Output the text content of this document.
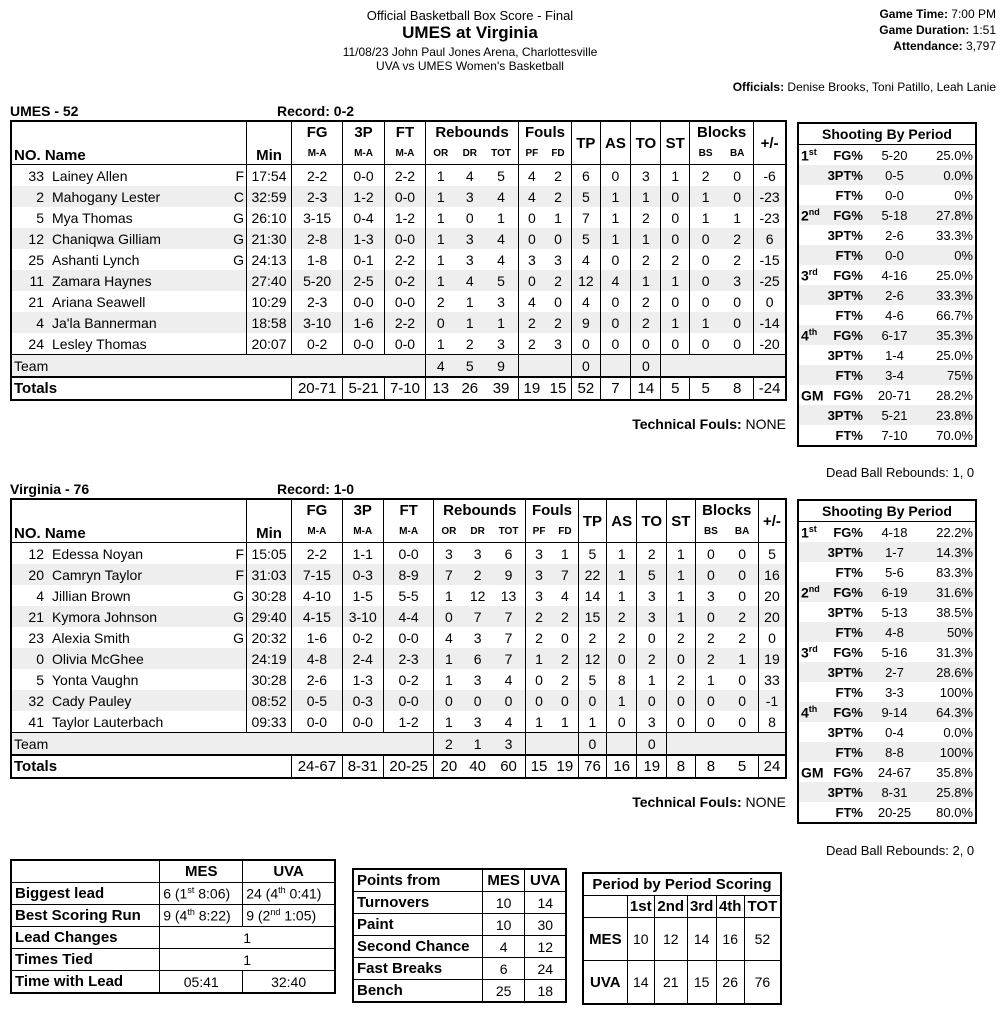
Official Basketball Box Score - Final
UMES at Virginia
11/08/23 John Paul Jones Arena, Charlottesville
UVA vs UMES Women's Basketball
Game Time: 7:00 PM
Game Duration: 1:51
Attendance: 3,797
Officials: Denise Brooks, Toni Patillo, Leah Lanie
UMES - 52	Record: 0-2
NO. Name	Min	FG	3P	FT	Rebounds			Fouls		TP	AS	TO	ST	Blocks		+/-
		M-A	M-A	M-A	OR	DR	TOT	PF	FD					BS	BA	

33 Lainey Allen F	17:54	2-2	0-0	2-2	1	4	5	4	2	6	0	3	1	2	0	-6

2 Mahogany Lester C	32:59	2-3	1-2	0-0	1	3	4	4	2	5	1	1	0	1	0	-23

5 Mya Thomas G	26:10	3-15	0-4	1-2	1	0	1	0	1	7	1	2	0	1	1	-23

12 Chaniqwa Gilliam G	21:30	2-8	1-3	0-0	1	3	4	0	0	5	1	1	0	0	2	6

25 Ashanti Lynch G	24:13	1-8	0-1	2-2	1	3	4	3	3	4	0	2	2	0	2	-15

11 Zamara Haynes	27:40	5-20	2-5	0-2	1	4	5	0	2	12	4	1	1	0	3	-25

21 Ariana Seawell	10:29	2-3	0-0	0-0	2	1	3	4	0	4	0	2	0	0	0	0

4 Ja'la Bannerman	18:58	3-10	1-6	2-2	0	1	1	2	2	9	0	2	1	1	0	-14

24 Lesley Thomas	20:07	0-2	0-0	0-0	1	2	3	2	3	0	0	0	0	0	0	-20
Team					4	5	9			0		0				
Totals		20-71	5-21	7-10	13	26	39	19	15	52	7	14	5	5	8	-24
Technical Fouls: NONE
Shooting By Period			
1st	FG%	5-20	25.0%
	3PT%	0-5	0.0%
	FT%	0-0	0%
2nd	FG%	5-18	27.8%
	3PT%	2-6	33.3%
	FT%	0-0	0%
3rd	FG%	4-16	25.0%
	3PT%	2-6	33.3%
	FT%	4-6	66.7%
4th	FG%	6-17	35.3%
	3PT%	1-4	25.0%
	FT%	3-4	75%
GM	FG%	20-71	28.2%
	3PT%	5-21	23.8%
	FT%	7-10	70.0%
Dead Ball Rebounds: 1, 0
Virginia - 76	Record: 1-0
NO. Name	Min	FG	3P	FT	Rebounds			Fouls		TP	AS	TO	ST	Blocks		+/-
		M-A	M-A	M-A	OR	DR	TOT	PF	FD					BS	BA	

12 Edessa Noyan F	15:05	2-2	1-1	0-0	3	3	6	3	1	5	1	2	1	0	0	5

20 Camryn Taylor F	31:03	7-15	0-3	8-9	7	2	9	3	7	22	1	5	1	0	0	16

4 Jillian Brown G	30:28	4-10	1-5	5-5	1	12	13	3	4	14	1	3	1	3	0	20

21 Kymora Johnson G	29:40	4-15	3-10	4-4	0	7	7	2	2	15	2	3	1	0	2	20

23 Alexia Smith G	20:32	1-6	0-2	0-0	4	3	7	2	0	2	2	0	2	2	2	0

0 Olivia McGhee	24:19	4-8	2-4	2-3	1	6	7	1	2	12	0	2	0	2	1	19

5 Yonta Vaughn	30:28	2-6	1-3	0-2	1	3	4	0	2	5	8	1	2	1	0	33

32 Cady Pauley	08:52	0-5	0-3	0-0	0	0	0	0	0	0	1	0	0	0	0	-1

41 Taylor Lauterbach	09:33	0-0	0-0	1-2	1	3	4	1	1	1	0	3	0	0	0	8
Team					2	1	3			0		0				
Totals		24-67	8-31	20-25	20	40	60	15	19	76	16	19	8	8	5	24
Technical Fouls: NONE
Shooting By Period			
1st	FG%	4-18	22.2%
	3PT%	1-7	14.3%
	FT%	5-6	83.3%
2nd	FG%	6-19	31.6%
	3PT%	5-13	38.5%
	FT%	4-8	50%
3rd	FG%	5-16	31.3%
	3PT%	2-7	28.6%
	FT%	3-3	100%
4th	FG%	9-14	64.3%
	3PT%	0-4	0.0%
	FT%	8-8	100%
GM	FG%	24-67	35.8%
	3PT%	8-31	25.8%
	FT%	20-25	80.0%
Dead Ball Rebounds: 2, 0
	MES	UVA
Biggest lead	6 (1st 8:06)	24 (4th 0:41)
Best Scoring Run	9 (4th 8:22)	9 (2nd 1:05)
Lead Changes	1	
Times Tied	1	
Time with Lead	05:41	32:40
Points from	MES	UVA
Turnovers	10	14
Paint	10	30
Second Chance	4	12
Fast Breaks	6	24
Bench	25	18
Period by Period Scoring					
	1st	2nd	3rd	4th	TOT
MES	10	12	14	16	52
UVA	14	21	15	26	76
